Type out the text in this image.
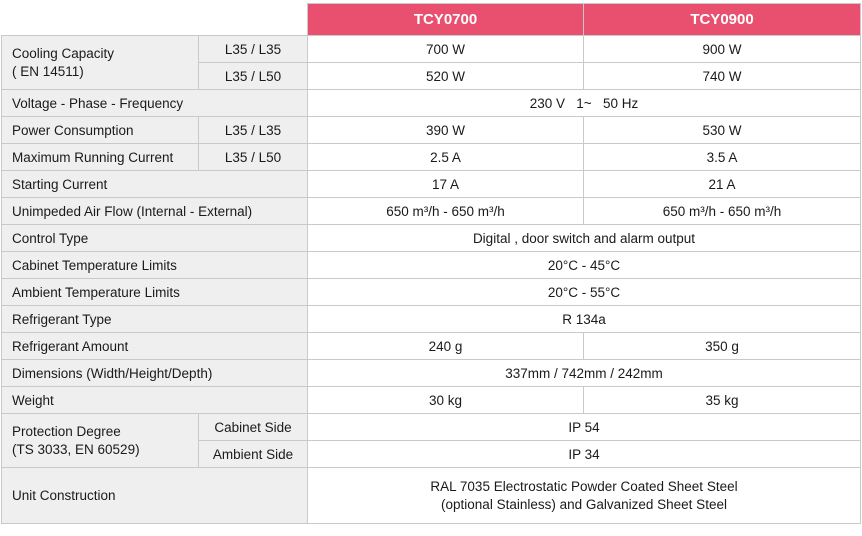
		TCY0700	TCY0900

Cooling Capacity
( EN 14511)	L35 / L35	700 W	900 W
	L35 / L50	520 W	740 W
Voltage - Phase - Frequency		230 V   1~   50 Hz	
Power Consumption	L35 / L35	390 W	530 W
Maximum Running Current	L35 / L50	2.5 A	3.5 A
Starting Current		17 A	21 A
Unimpeded Air Flow (Internal - External)		650 m³/h - 650 m³/h	650 m³/h - 650 m³/h
Control Type		Digital , door switch and alarm output	
Cabinet Temperature Limits		20°C - 45°C	
Ambient Temperature Limits		20°C - 55°C	
Refrigerant Type		R 134a	
Refrigerant Amount		240 g	350 g
Dimensions (Width/Height/Depth)		337mm / 742mm / 242mm	
Weight		30 kg	35 kg

Protection Degree
(TS 3033, EN 60529)	Cabinet Side	IP 54	
	Ambient Side	IP 34	
Unit Construction		RAL 7035 Electrostatic Powder Coated Sheet Steel
(optional Stainless) and Galvanized Sheet Steel	
